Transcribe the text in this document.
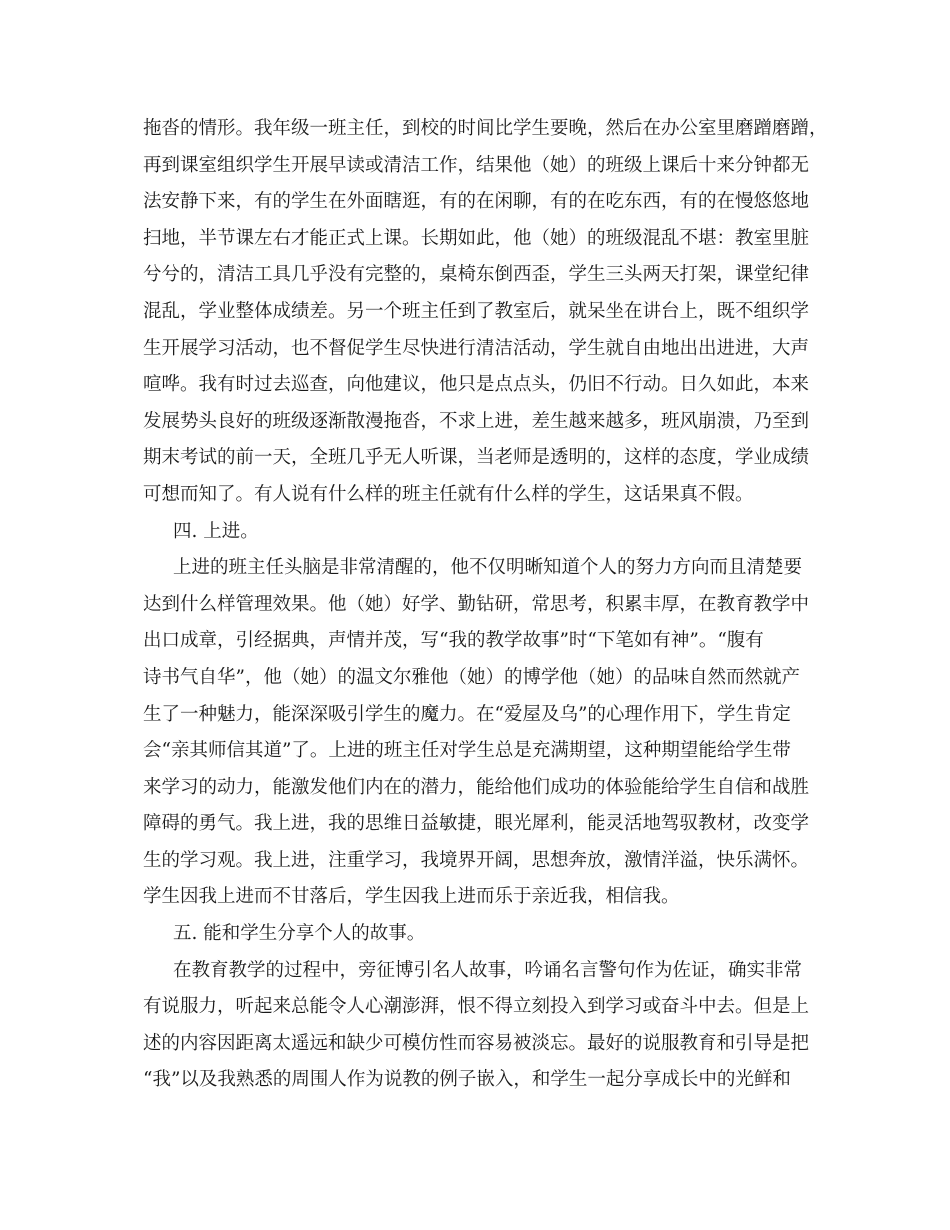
拖沓的情形。我年级一班主任，到校的时间比学生要晚，然后在办公室里磨蹭磨蹭，
再到课室组织学生开展早读或清洁工作，结果他（她）的班级上课后十来分钟都无
法安静下来，有的学生在外面瞎逛，有的在闲聊，有的在吃东西，有的在慢悠悠地
扫地，半节课左右才能正式上课。长期如此，他（她）的班级混乱不堪：教室里脏
兮兮的，清洁工具几乎没有完整的，桌椅东倒西歪，学生三头两天打架，课堂纪律
混乱，学业整体成绩差。另一个班主任到了教室后，就呆坐在讲台上，既不组织学
生开展学习活动，也不督促学生尽快进行清洁活动，学生就自由地出出进进，大声
喧哗。我有时过去巡查，向他建议，他只是点点头，仍旧不行动。日久如此，本来
发展势头良好的班级逐渐散漫拖沓，不求上进，差生越来越多，班风崩溃，乃至到
期末考试的前一天，全班几乎无人听课，当老师是透明的，这样的态度，学业成绩
可想而知了。有人说有什么样的班主任就有什么样的学生，这话果真不假。
四. 上进。
上进的班主任头脑是非常清醒的，他不仅明晰知道个人的努力方向而且清楚要
达到什么样管理效果。他（她）好学、勤钻研，常思考，积累丰厚，在教育教学中
出口成章，引经据典，声情并茂，写“我的教学故事”时“下笔如有神”。“腹有
诗书气自华”，他（她）的温文尔雅他（她）的博学他（她）的品味自然而然就产
生了一种魅力，能深深吸引学生的魔力。在“爱屋及乌”的心理作用下，学生肯定
会“亲其师信其道”了。上进的班主任对学生总是充满期望，这种期望能给学生带
来学习的动力，能激发他们内在的潜力，能给他们成功的体验能给学生自信和战胜
障碍的勇气。我上进，我的思维日益敏捷，眼光犀利，能灵活地驾驭教材，改变学
生的学习观。我上进，注重学习，我境界开阔，思想奔放，激情洋溢，快乐满怀。
学生因我上进而不甘落后，学生因我上进而乐于亲近我，相信我。
五. 能和学生分享个人的故事。
在教育教学的过程中，旁征博引名人故事，吟诵名言警句作为佐证，确实非常
有说服力，听起来总能令人心潮澎湃，恨不得立刻投入到学习或奋斗中去。但是上
述的内容因距离太遥远和缺少可模仿性而容易被淡忘。最好的说服教育和引导是把
“我”以及我熟悉的周围人作为说教的例子嵌入，和学生一起分享成长中的光鲜和
